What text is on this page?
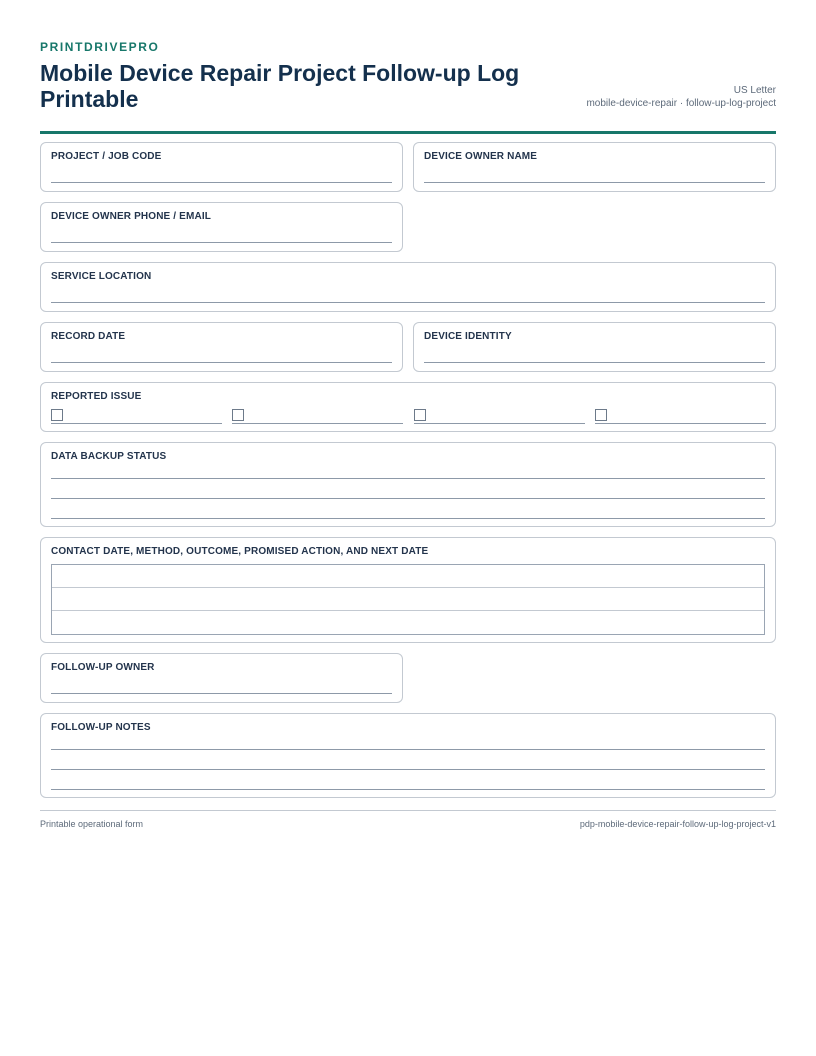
PRINTDRIVEPRO
Mobile Device Repair Project Follow-up Log Printable	US Letter
mobile-device-repair · follow-up-log-project
PROJECT / JOB CODE	DEVICE OWNER NAME
DEVICE OWNER PHONE / EMAIL
SERVICE LOCATION
RECORD DATE	DEVICE IDENTITY
REPORTED ISSUE
DATA BACKUP STATUS
CONTACT DATE, METHOD, OUTCOME, PROMISED ACTION, AND NEXT DATE
FOLLOW-UP OWNER
FOLLOW-UP NOTES
Printable operational form	pdp-mobile-device-repair-follow-up-log-project-v1
